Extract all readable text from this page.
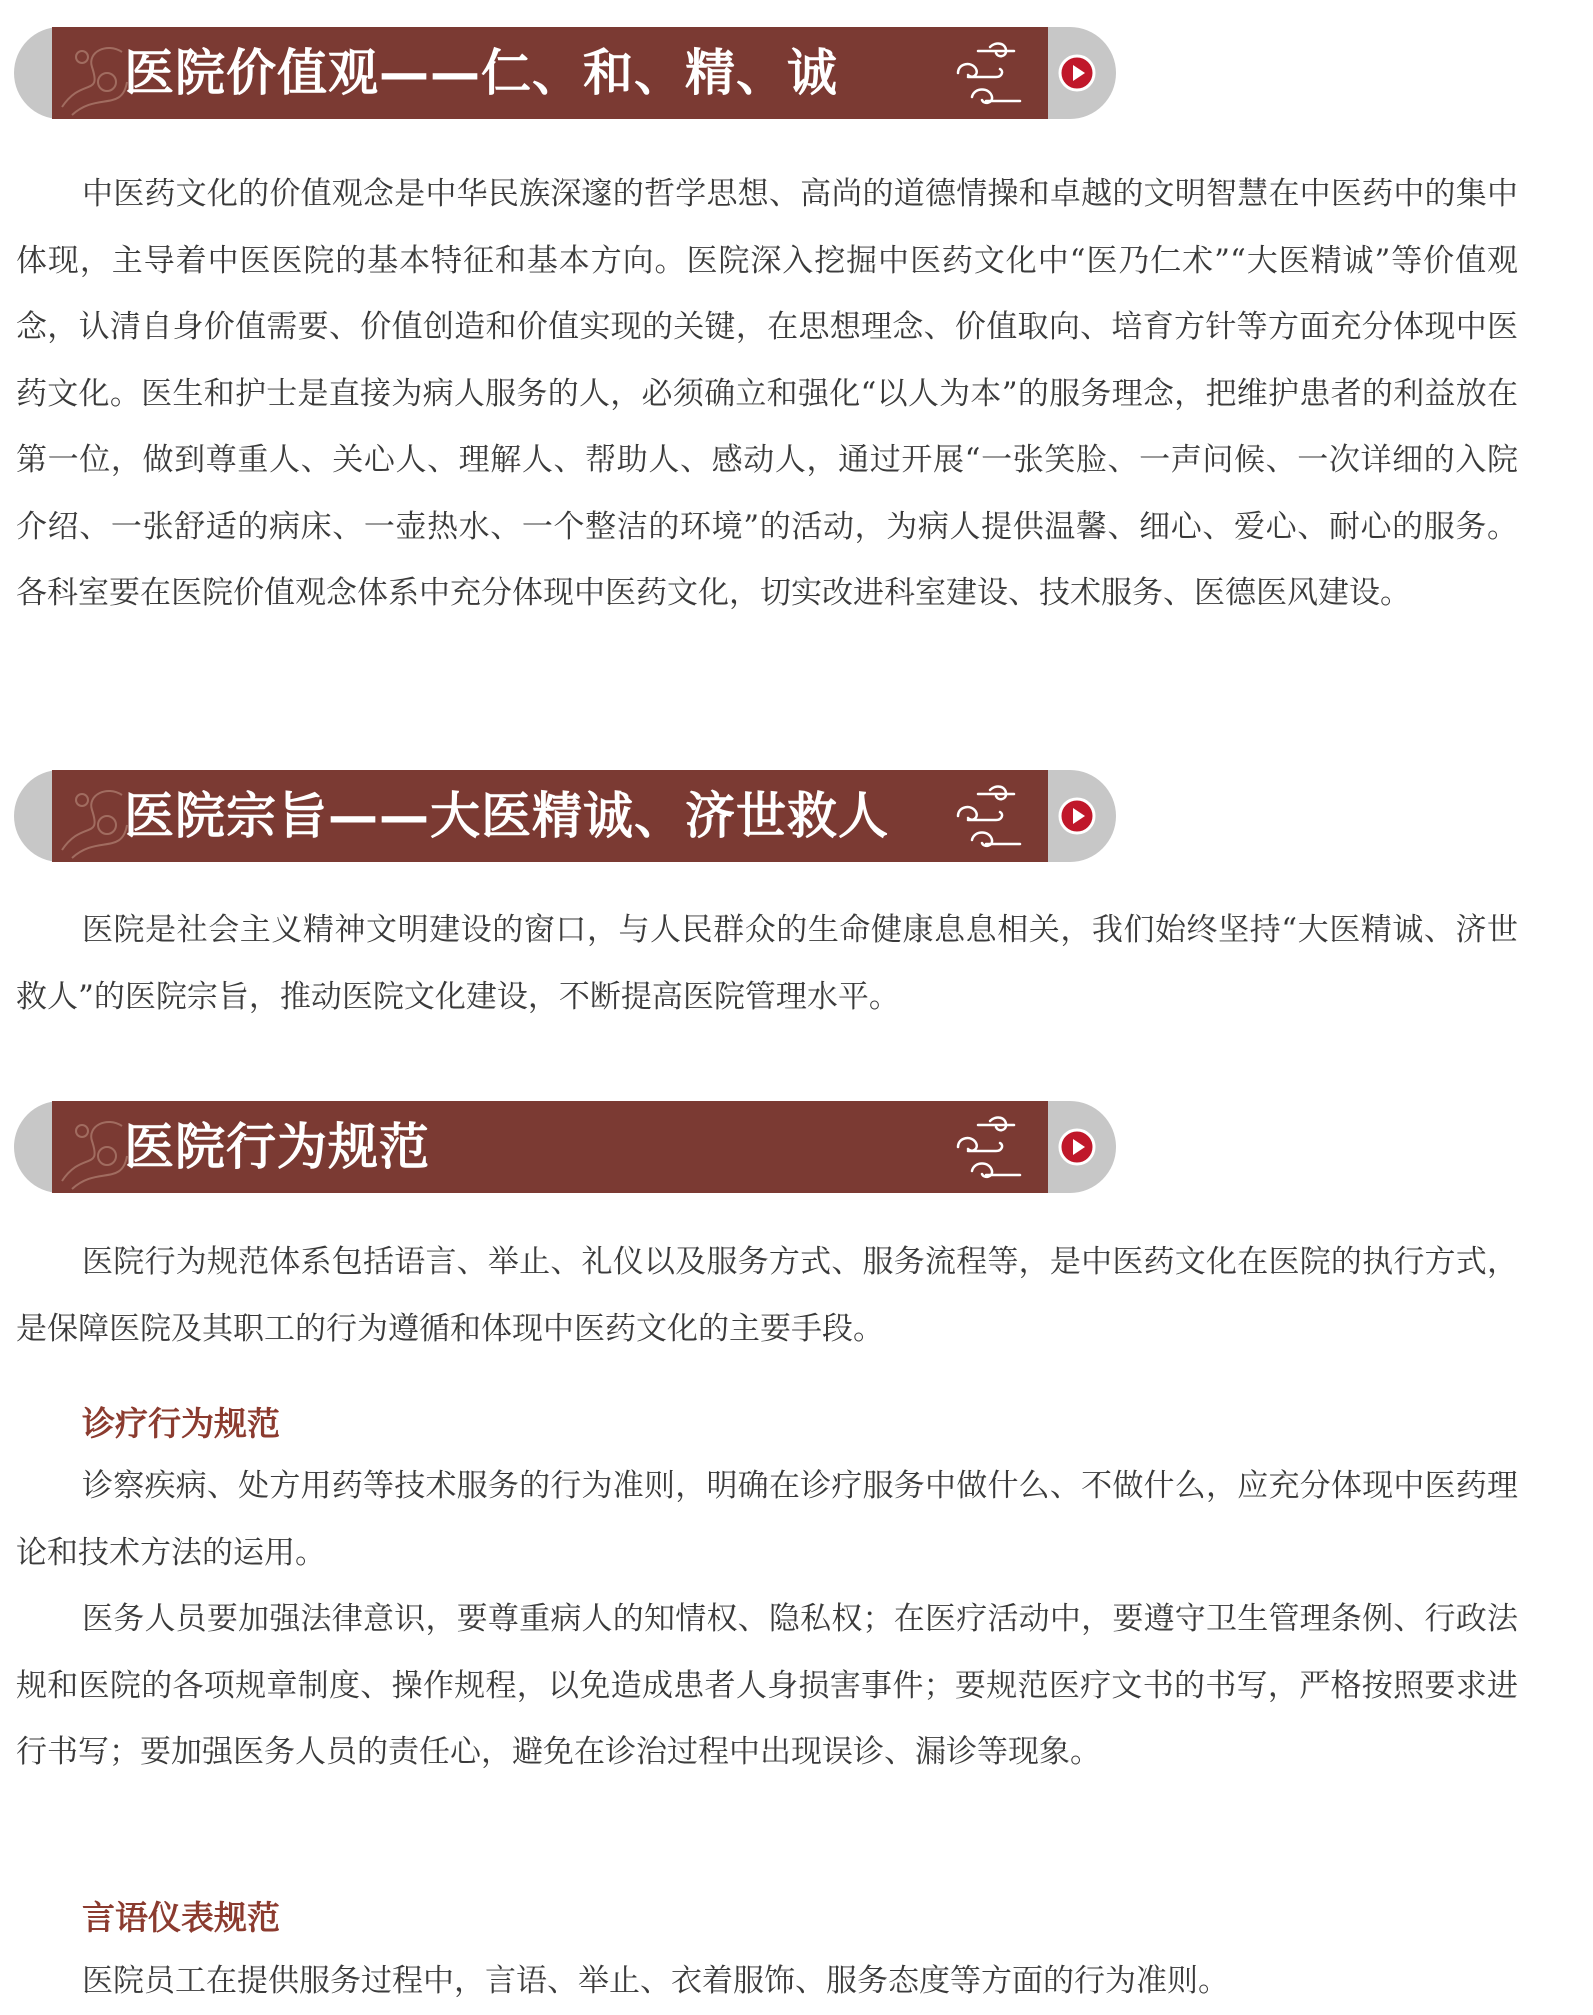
医院价值观——仁、和、精、诚

中医药文化的价值观念是中华民族深邃的哲学思想、高尚的道德情操和卓越的文明智慧在中医药中的集中体现，主导着中医医院的基本特征和基本方向。医院深入挖掘中医药文化中“医乃仁术”“大医精诚”等价值观念，认清自身价值需要、价值创造和价值实现的关键，在思想理念、价值取向、培育方针等方面充分体现中医药文化。医生和护士是直接为病人服务的人，必须确立和强化“以人为本”的服务理念，把维护患者的利益放在第一位，做到尊重人、关心人、理解人、帮助人、感动人，通过开展“一张笑脸、一声问候、一次详细的入院介绍、一张舒适的病床、一壶热水、一个整洁的环境”的活动，为病人提供温馨、细心、爱心、耐心的服务。各科室要在医院价值观念体系中充分体现中医药文化，切实改进科室建设、技术服务、医德医风建设。

医院宗旨——大医精诚、济世救人

医院是社会主义精神文明建设的窗口，与人民群众的生命健康息息相关，我们始终坚持“大医精诚、济世救人”的医院宗旨，推动医院文化建设，不断提高医院管理水平。

医院行为规范

医院行为规范体系包括语言、举止、礼仪以及服务方式、服务流程等，是中医药文化在医院的执行方式，是保障医院及其职工的行为遵循和体现中医药文化的主要手段。

诊疗行为规范

诊察疾病、处方用药等技术服务的行为准则，明确在诊疗服务中做什么、不做什么，应充分体现中医药理论和技术方法的运用。

医务人员要加强法律意识，要尊重病人的知情权、隐私权；在医疗活动中，要遵守卫生管理条例、行政法规和医院的各项规章制度、操作规程，以免造成患者人身损害事件；要规范医疗文书的书写，严格按照要求进行书写；要加强医务人员的责任心，避免在诊治过程中出现误诊、漏诊等现象。

言语仪表规范

医院员工在提供服务过程中，言语、举止、衣着服饰、服务态度等方面的行为准则。
